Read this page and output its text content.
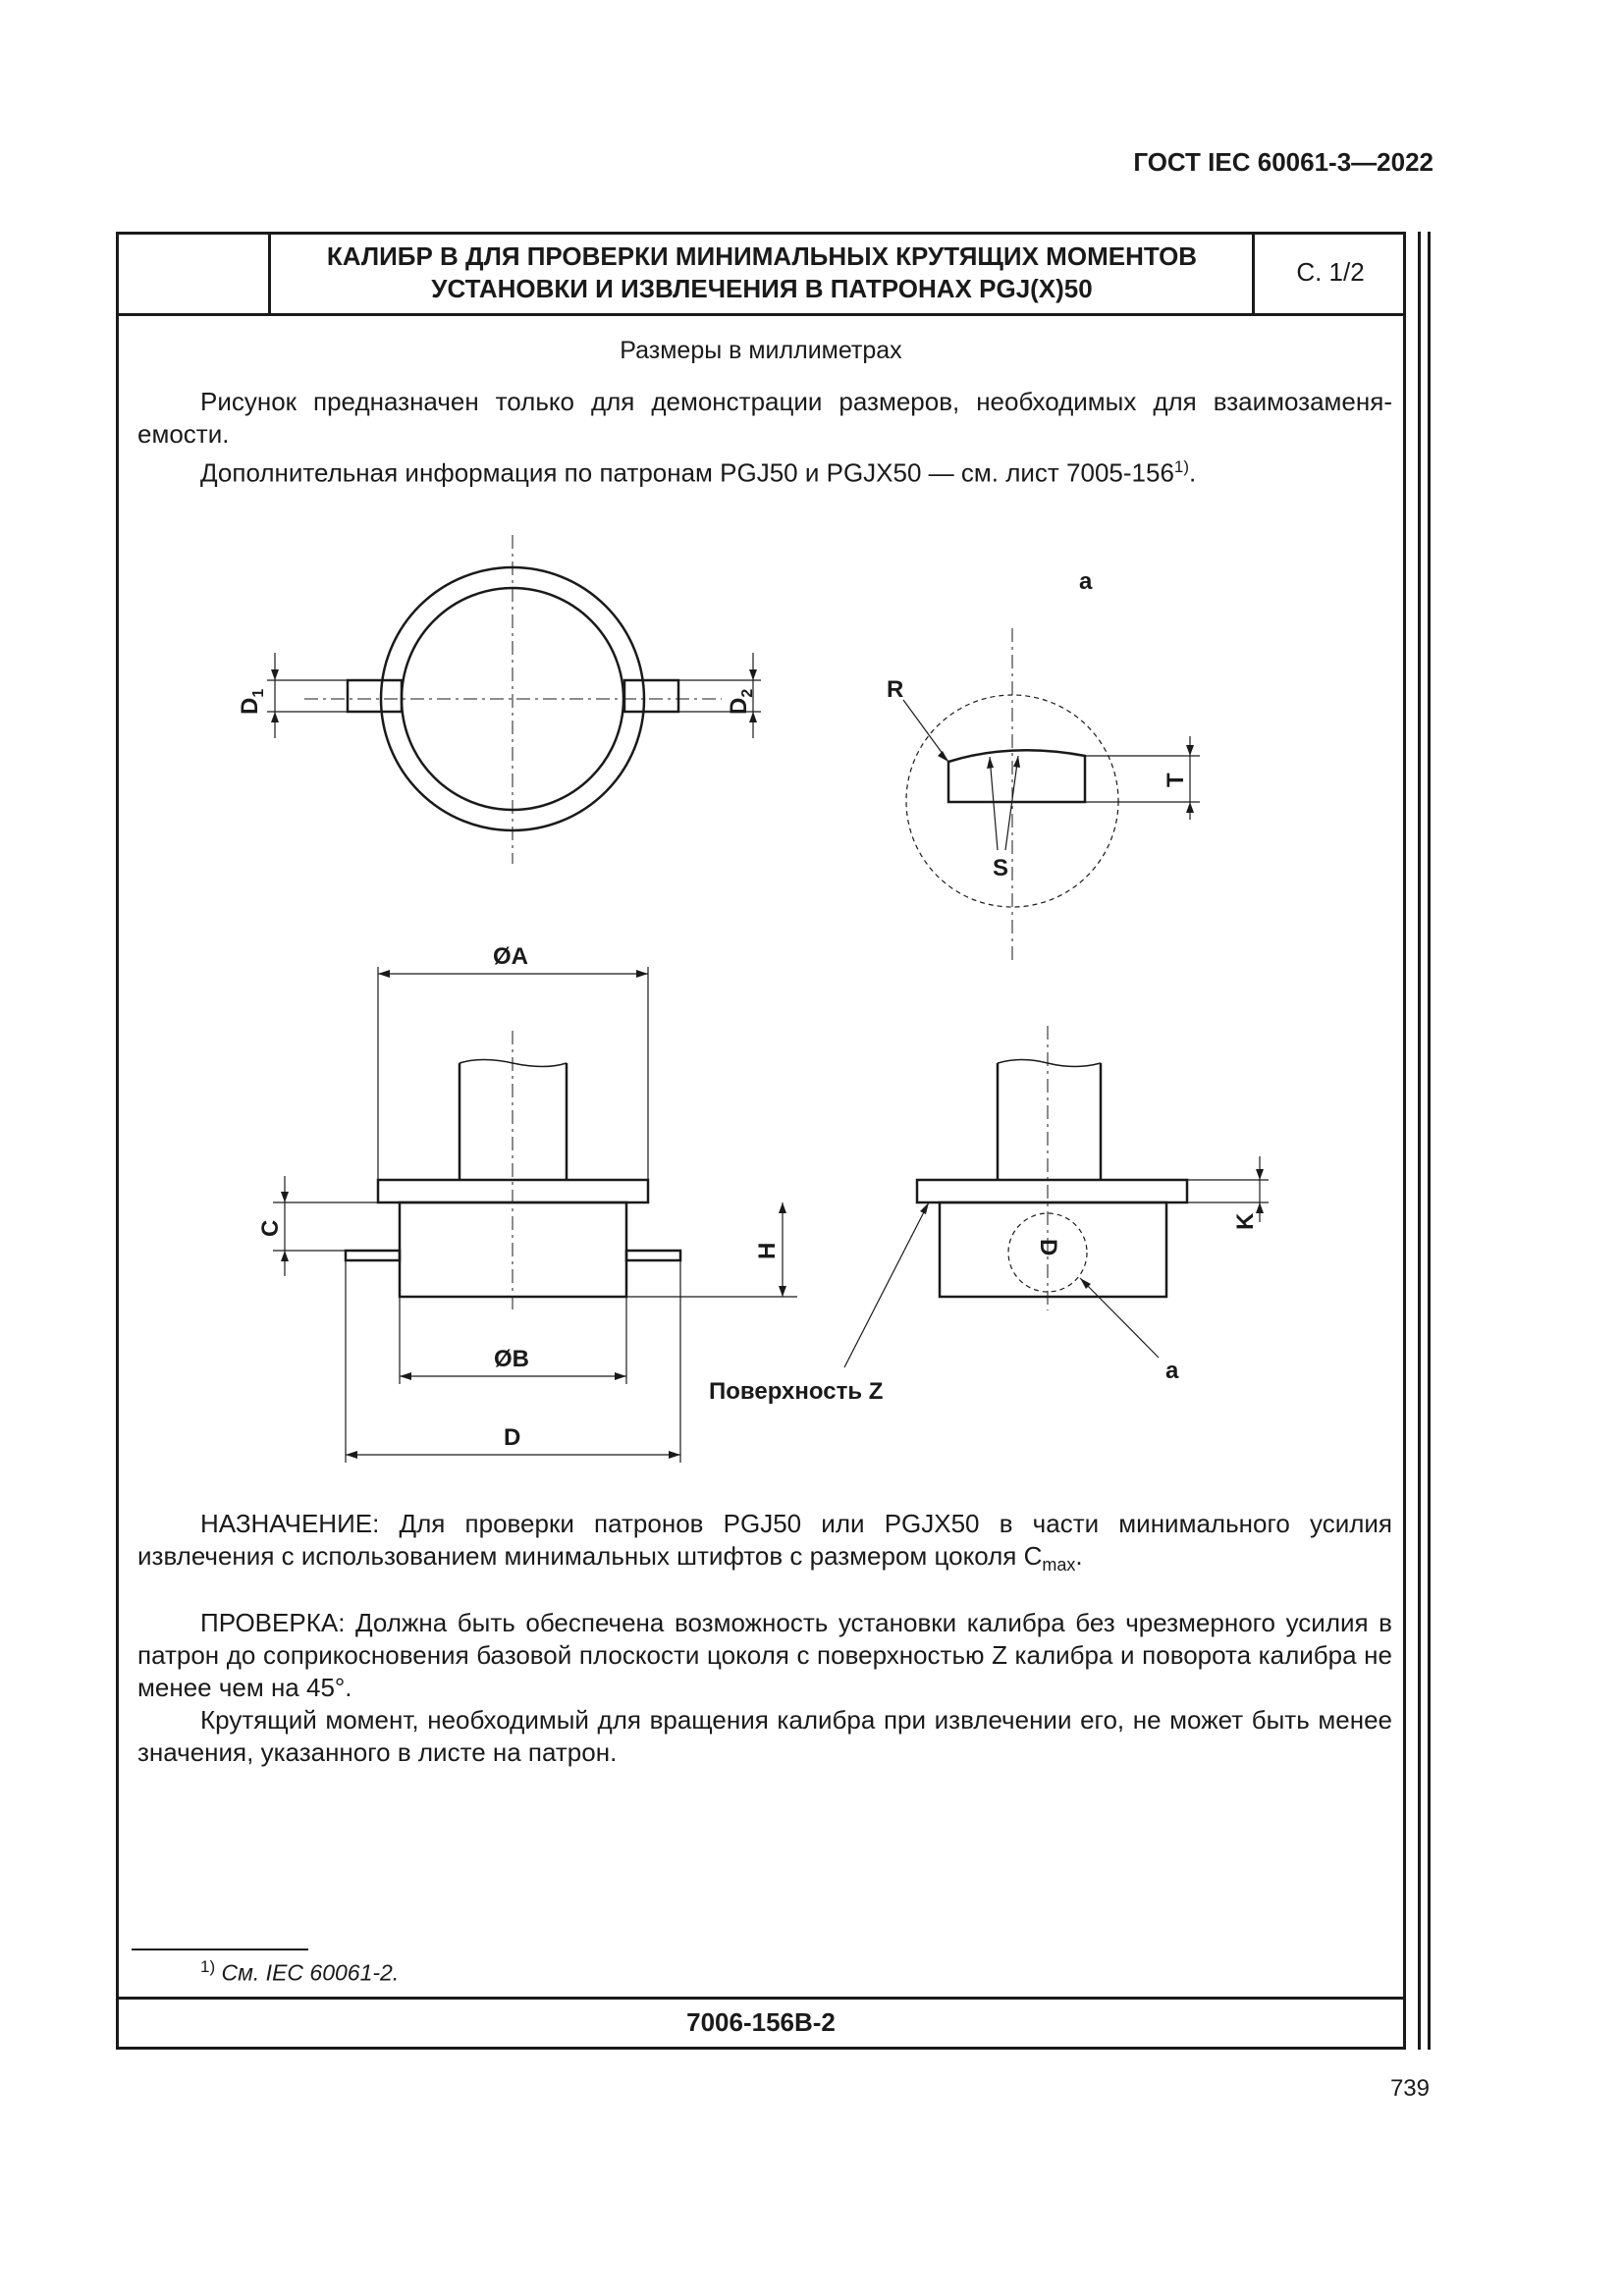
ГОСТ IEC 60061-3—2022
КАЛИБР В ДЛЯ ПРОВЕРКИ МИНИМАЛЬНЫХ КРУТЯЩИХ МОМЕНТОВ
УСТАНОВКИ И ИЗВЛЕЧЕНИЯ В ПАТРОНАХ PGJ(X)50
С. 1/2
Размеры в миллиметрах
Рисунок предназначен только для демонстрации размеров, необходимых для взаимозаменя-
емости.
Дополнительная информация по патронам PGJ50 и PGJX50 — см. лист 7005-156$^{1)}$.
$D_1$
$D_2$
a
R
S
T
ØA
ØB
D
C
H
K
D
Поверхность Z
a
НАЗНАЧЕНИЕ: Для проверки патронов PGJ50 или PGJX50 в части минимального усилия извлечения с использованием минимальных штифтов с размером цоколя $C_{max}$.
ПРОВЕРКА: Должна быть обеспечена возможность установки калибра без чрезмерного усилия в патрон до соприкосновения базовой плоскости цоколя с поверхностью Z калибра и поворота калибра не менее чем на 45°.
Крутящий момент, необходимый для вращения калибра при извлечении его, не может быть менее значения, указанного в листе на патрон.
$^{1)}$ См. IEC 60061-2.
7006-156B-2
739
